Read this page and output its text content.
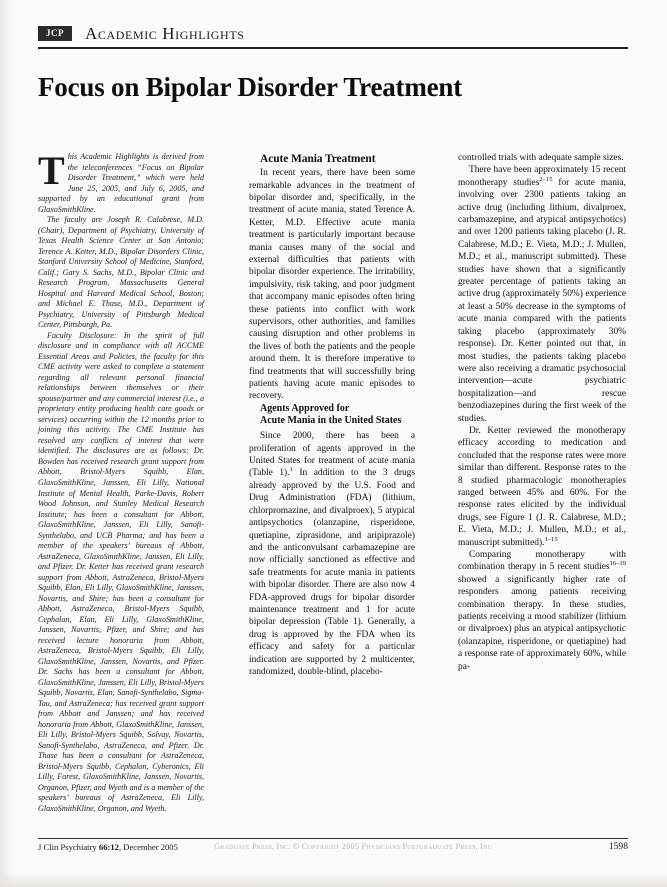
JCP	Academic Highlights
Focus on Bipolar Disorder Treatment

This Academic Highlights is derived from the teleconferences “Focus on Bipolar Disorder Treatment,” which were held June 25, 2005, and July 6, 2005, and supported by an educational grant from GlaxoSmithKline.

The faculty are Joseph R. Calabrese, M.D. (Chair), Department of Psychiatry, University of Texas Health Science Center at San Antonio; Terence A. Ketter, M.D., Bipolar Disorders Clinic, Stanford University School of Medicine, Stanford, Calif.; Gary S. Sachs, M.D., Bipolar Clinic and Research Program, Massachusetts General Hospital and Harvard Medical School, Boston; and Michael E. Thase, M.D., Department of Psychiatry, University of Pittsburgh Medical Center, Pittsburgh, Pa.

Faculty Disclosure: In the spirit of full disclosure and in compliance with all ACCME Essential Areas and Policies, the faculty for this CME activity were asked to complete a statement regarding all relevant personal financial relationships between themselves or their spouse/partner and any commercial interest (i.e., a proprietary entity producing health care goods or services) occurring within the 12 months prior to joining this activity. The CME Institute has resolved any conflicts of interest that were identified. The disclosures are as follows: Dr. Bowden has received research grant support from Abbott, Bristol-Myers Squibb, Elan, GlaxoSmithKline, Janssen, Eli Lilly, National Institute of Mental Health, Parke-Davis, Robert Wood Johnson, and Stanley Medical Research Institute; has been a consultant for Abbott, GlaxoSmithKline, Janssen, Eli Lilly, Sanofi-Synthelabo, and UCB Pharma; and has been a member of the speakers’ bureaus of Abbott, AstraZeneca, GlaxoSmithKline, Janssen, Eli Lilly, and Pfizer. Dr. Ketter has received grant research support from Abbott, AstraZeneca, Bristol-Myers Squibb, Elan, Eli Lilly, GlaxoSmithKline, Janssen, Novartis, and Shire; has been a consultant for Abbott, AstraZeneca, Bristol-Myers Squibb, Cephalon, Elan, Eli Lilly, GlaxoSmithKline, Janssen, Novartis, Pfizer, and Shire; and has received lecture honoraria from Abbott, AstraZeneca, Bristol-Myers Squibb, Eli Lilly, GlaxoSmithKline, Janssen, Novartis, and Pfizer. Dr. Sachs has been a consultant for Abbott, GlaxoSmithKline, Janssen, Eli Lilly, Bristol-Myers Squibb, Novartis, Elan, Sanofi-Synthelabo, Sigma-Tau, and AstraZeneca; has received grant support from Abbott and Janssen; and has received honoraria from Abbott, GlaxoSmithKline, Janssen, Eli Lilly, Bristol-Myers Squibb, Solvay, Novartis, Sanofi-Synthelabo, AstraZeneca, and Pfizer. Dr. Thase has been a consultant for AstraZeneca, Bristol-Myers Squibb, Cephalon, Cyberonics, Eli Lilly, Forest, GlaxoSmithKline, Janssen, Novartis, Organon, Pfizer, and Wyeth and is a member of the speakers’ bureaus of AstraZeneca, Eli Lilly, GlaxoSmithKline, Organon, and Wyeth.

Acute Mania Treatment

In recent years, there have been some remarkable advances in the treatment of bipolar disorder and, specifically, in the treatment of acute mania, stated Terence A. Ketter, M.D. Effective acute mania treatment is particularly important because mania causes many of the social and external difficulties that patients with bipolar disorder experience. The irritability, impulsivity, risk taking, and poor judgment that accompany manic episodes often bring these patients into conflict with work supervisors, other authorities, and families causing disruption and other problems in the lives of both the patients and the people around them. It is therefore imperative to find treatments that will successfully bring patients having acute manic episodes to recovery.

Agents Approved for

Acute Mania in the United States

Since 2000, there has been a proliferation of agents approved in the United States for treatment of acute mania (Table 1).$^1$ In addition to the 3 drugs already approved by the U.S. Food and Drug Administration (FDA) (lithium, chlorpromazine, and divalproex), 5 atypical antipsychotics (olanzapine, risperidone, quetiapine, ziprasidone, and aripiprazole) and the anticonvulsant carbamazepine are now officially sanctioned as effective and safe treatments for acute mania in patients with bipolar disorder. There are also now 4 FDA-approved drugs for bipolar disorder maintenance treatment and 1 for acute bipolar depression (Table 1). Generally, a drug is approved by the FDA when its efficacy and safety for a particular indication are supported by 2 multicenter, randomized, double-blind, placebo-

controlled trials with adequate sample sizes.

There have been approximately 15 recent monotherapy studies$^{2-15}$ for acute mania, involving over 2300 patients taking an active drug (including lithium, divalproex, carbamazepine, and atypical antipsychotics) and over 1200 patients taking placebo (J. R. Calabrese, M.D.; E. Vieta, M.D.; J. Mullen, M.D.; et al., manuscript submitted). These studies have shown that a significantly greater percentage of patients taking an active drug (approximately 50%) experience at least a 50% decrease in the symptoms of acute mania compared with the patients taking placebo (approximately 30% response). Dr. Ketter pointed out that, in most studies, the patients taking placebo were also receiving a dramatic psychosocial intervention—acute psychiatric hospitalization—and rescue benzodiazepines during the first week of the studies.

Dr. Ketter reviewed the monotherapy efficacy according to medication and concluded that the response rates were more similar than different. Response rates to the 8 studied pharmacologic monotherapies ranged between 45% and 60%. For the response rates elicited by the individual drugs, see Figure 1 (J. R. Calabrese, M.D.; E. Vieta, M.D.; J. Mullen, M.D.; et al., manuscript submitted).$^{1-15}$

Comparing monotherapy with combination therapy in 5 recent studies$^{16-19}$ showed a significantly higher rate of responders among patients receiving combination therapy. In these studies, patients receiving a mood stabilizer (lithium or divalproex) plus an atypical antipsychotic (olanzapine, risperidone, or quetiapine) had a response rate of approximately 60%, while pa-

J Clin Psychiatry 66:12, December 2005	Graduate Press, Inc. © Copyright 2005 Physicians Postgraduate Press, Inc	1598
